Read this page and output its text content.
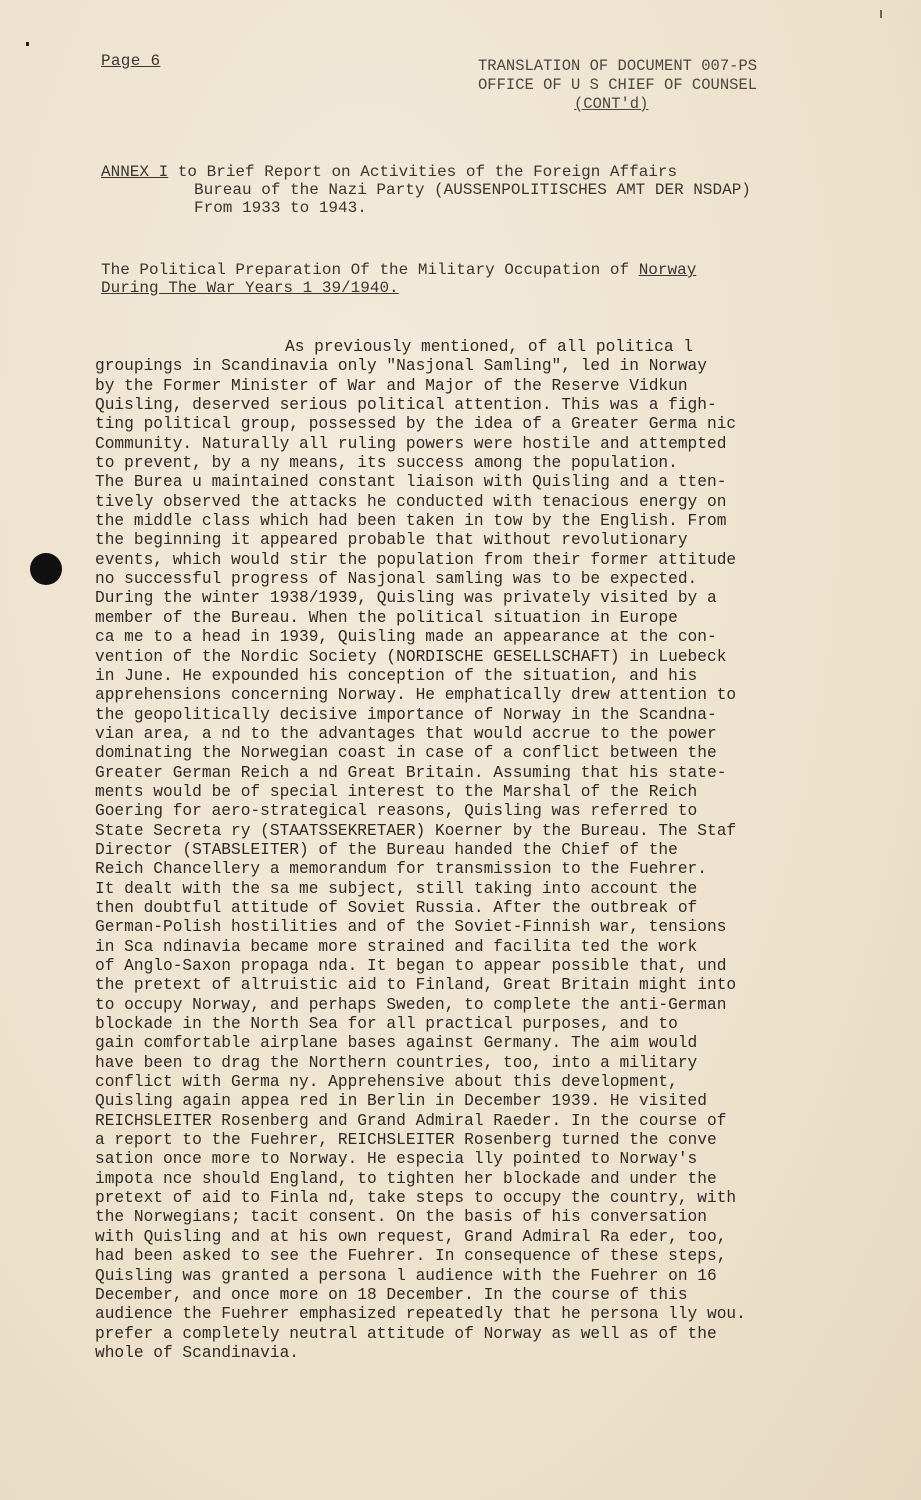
Page 6	TRANSLATION OF DOCUMENT 007-PS
OFFICE OF U S CHIEF OF COUNSEL
(CONT'd)
ANNEX I to Brief Report on Activities of the Foreign Affairs
Bureau of the Nazi Party (AUSSENPOLITISCHES AMT DER NSDAP)
From 1933 to 1943.
The Political Preparation Of the Military Occupation of Norway
During The War Years 1 39/1940.
As previously mentioned, of all politica l
groupings in Scandinavia only "Nasjonal Samling", led in Norway
by the Former Minister of War and Major of the Reserve Vidkun
Quisling, deserved serious political attention. This was a figh-
ting political group, possessed by the idea of a Greater Germa nic
Community. Naturally all ruling powers were hostile and attempted
to prevent, by a ny means, its success among the population.
The Burea u maintained constant liaison with Quisling and a tten-
tively observed the attacks he conducted with tenacious energy on
the middle class which had been taken in tow by the English. From
the beginning it appeared probable that without revolutionary
events, which would stir the population from their former attitude
no successful progress of Nasjonal samling was to be expected.
During the winter 1938/1939, Quisling was privately visited by a
member of the Bureau. When the political situation in Europe
ca me to a head in 1939, Quisling made an appearance at the con-
vention of the Nordic Society (NORDISCHE GESELLSCHAFT) in Luebeck
in June. He expounded his conception of the situation, and his
apprehensions concerning Norway. He emphatically drew attention to
the geopolitically decisive importance of Norway in the Scandna-
vian area, a nd to the advantages that would accrue to the power
dominating the Norwegian coast in case of a conflict between the
Greater German Reich a nd Great Britain. Assuming that his state-
ments would be of special interest to the Marshal of the Reich
Goering for aero-strategical reasons, Quisling was referred to
State Secreta ry (STAATSSEKRETAER) Koerner by the Bureau. The Staf
Director (STABSLEITER) of the Bureau handed the Chief of the
Reich Chancellery a memorandum for transmission to the Fuehrer.
It dealt with the sa me subject, still taking into account the
then doubtful attitude of Soviet Russia. After the outbreak of
German-Polish hostilities and of the Soviet-Finnish war, tensions
in Sca ndinavia became more strained and facilita ted the work
of Anglo-Saxon propaga nda. It began to appear possible that, und
the pretext of altruistic aid to Finland, Great Britain might into
to occupy Norway, and perhaps Sweden, to complete the anti-German
blockade in the North Sea for all practical purposes, and to
gain comfortable airplane bases against Germany. The aim would
have been to drag the Northern countries, too, into a military
conflict with Germa ny. Apprehensive about this development,
Quisling again appea red in Berlin in December 1939. He visited
REICHSLEITER Rosenberg and Grand Admiral Raeder. In the course of
a report to the Fuehrer, REICHSLEITER Rosenberg turned the conve
sation once more to Norway. He especia lly pointed to Norway's
impota nce should England, to tighten her blockade and under the
pretext of aid to Finla nd, take steps to occupy the country, with
the Norwegians; tacit consent. On the basis of his conversation
with Quisling and at his own request, Grand Admiral Ra eder, too,
had been asked to see the Fuehrer. In consequence of these steps,
Quisling was granted a persona l audience with the Fuehrer on 16
December, and once more on 18 December. In the course of this
audience the Fuehrer emphasized repeatedly that he persona lly wou.
prefer a completely neutral attitude of Norway as well as of the
whole of Scandinavia.
